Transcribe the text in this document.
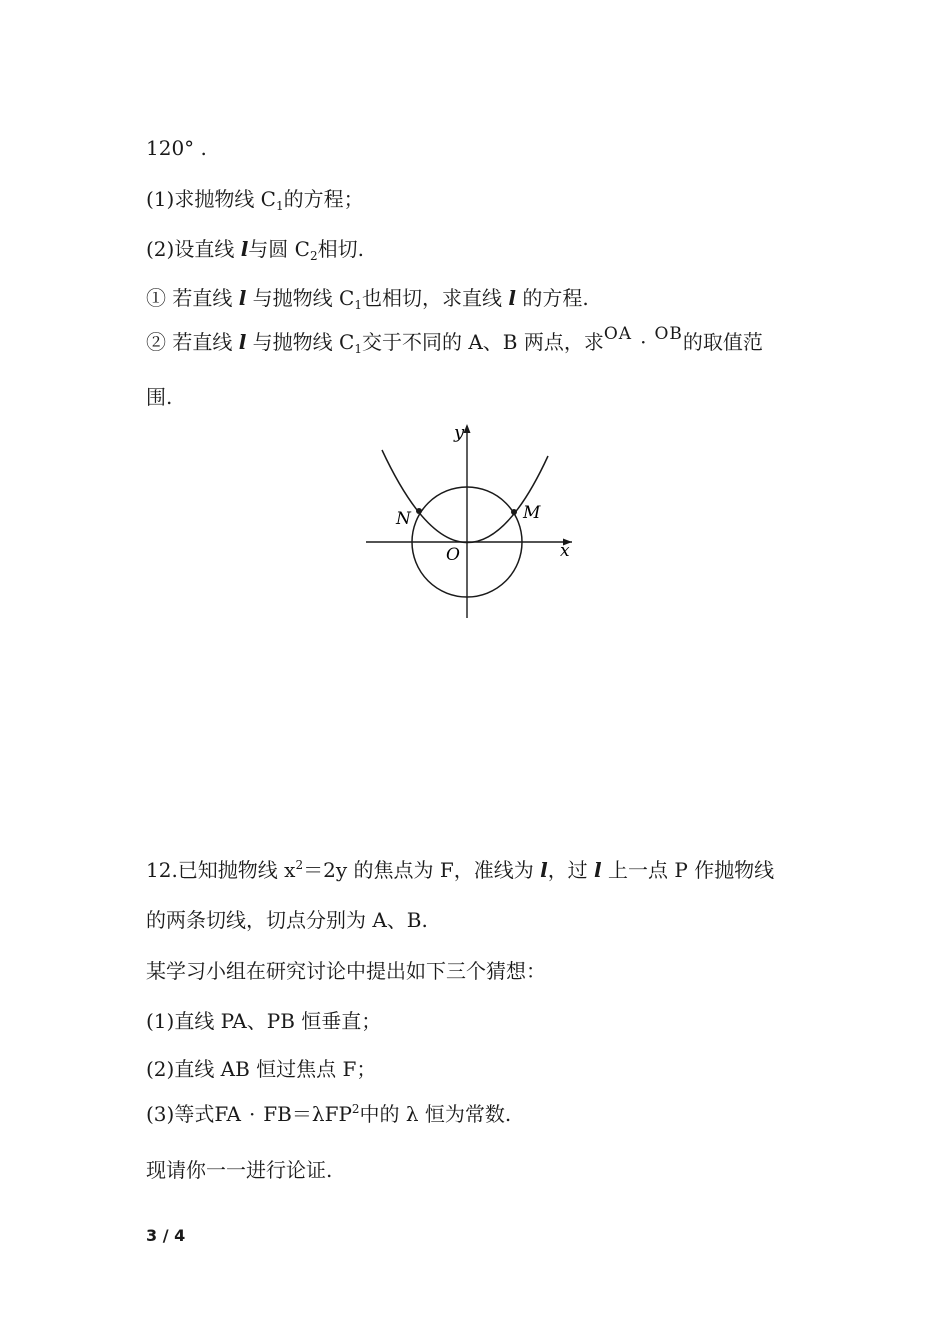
120° .
(1)求抛物线 $C_1$的方程；
(2)设直线 l与圆 $C_2$相切.
① 若直线 l 与抛物线 $C_1$也相切，求直线 l 的方程.
② 若直线 l 与抛物线 $C_1$交于不同的 A、B 两点，求$^{OA}$ · $^{OB}$的取值范
围.
y
x
O
N	M
12.已知抛物线 $x^2=2y$ 的焦点为 F，准线为 l，过 l 上一点 P 作抛物线
的两条切线，切点分别为 A、B.
某学习小组在研究讨论中提出如下三个猜想：
(1)直线 PA、PB 恒垂直；
(2)直线 AB 恒过焦点 F；
(3)等式FA · FB＝λFP$^2$中的 λ 恒为常数.
现请你一一进行论证.
3 / 4
